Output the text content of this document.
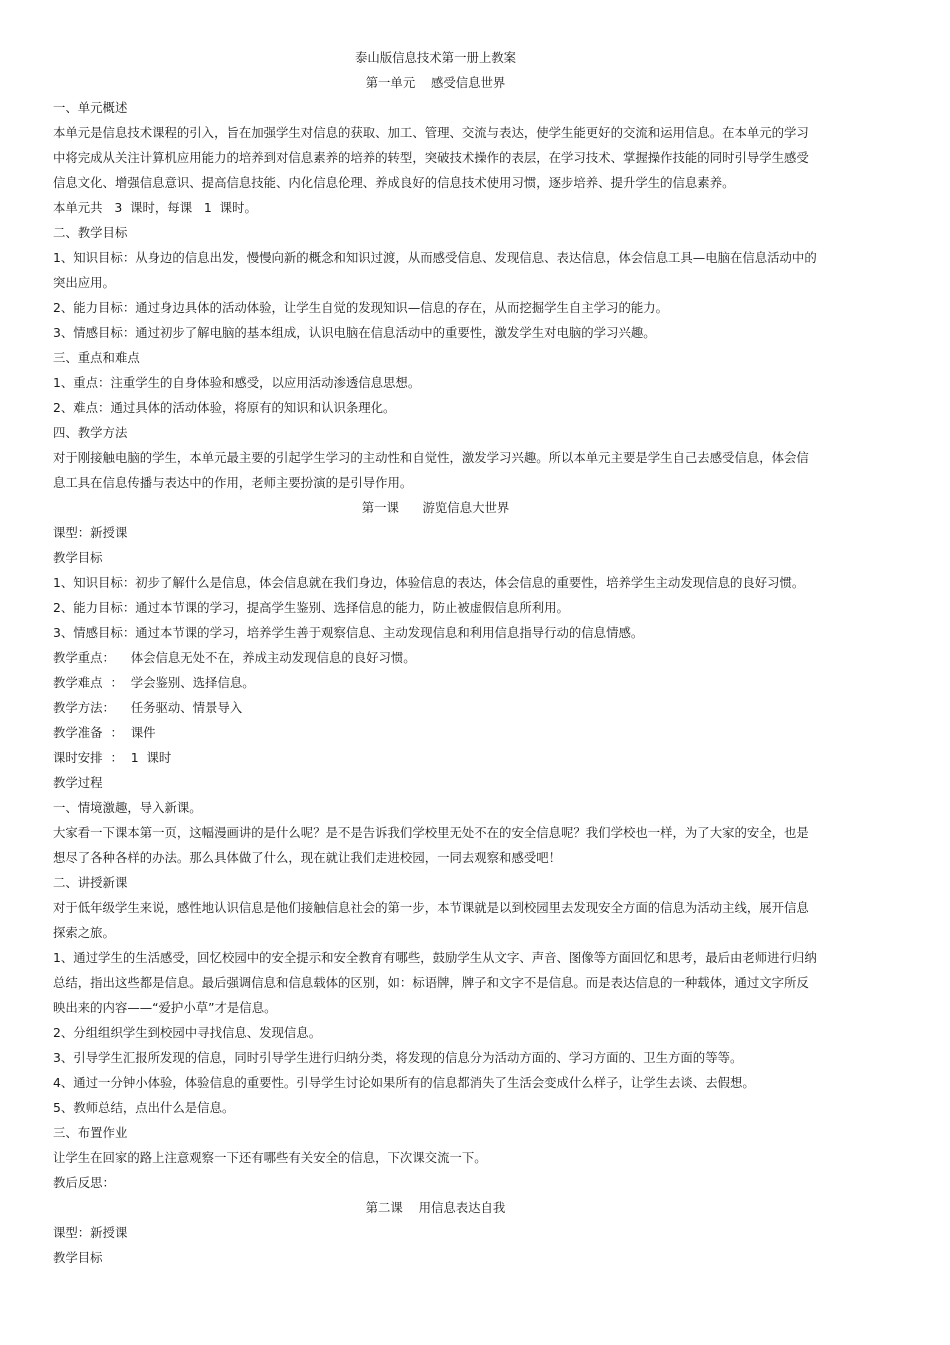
泰山版信息技术第一册上教案

第一单元    感受信息世界

一、单元概述

本单元是信息技术课程的引入，旨在加强学生对信息的获取、加工、管理、交流与表达，使学生能更好的交流和运用信息。在本单元的学习中将完成从关注计算机应用能力的培养到对信息素养的培养的转型，突破技术操作的表层，在学习技术、掌握操作技能的同时引导学生感受信息文化、增强信息意识、提高信息技能、内化信息伦理、养成良好的信息技术使用习惯，逐步培养、提升学生的信息素养。

本单元共   3  课时，每课   1  课时。

二、教学目标

1、知识目标：从身边的信息出发，慢慢向新的概念和知识过渡，从而感受信息、发现信息、表达信息，体会信息工具—电脑在信息活动中的突出应用。

2、能力目标：通过身边具体的活动体验，让学生自觉的发现知识—信息的存在，从而挖掘学生自主学习的能力。

3、情感目标：通过初步了解电脑的基本组成，认识电脑在信息活动中的重要性，激发学生对电脑的学习兴趣。

三、重点和难点

1、重点：注重学生的自身体验和感受，以应用活动渗透信息思想。

2、难点：通过具体的活动体验，将原有的知识和认识条理化。

四、教学方法

对于刚接触电脑的学生，本单元最主要的引起学生学习的主动性和自觉性，激发学习兴趣。所以本单元主要是学生自己去感受信息，体会信息工具在信息传播与表达中的作用，老师主要扮演的是引导作用。

第一课      游览信息大世界

课型：新授课

教学目标

1、知识目标：初步了解什么是信息，体会信息就在我们身边，体验信息的表达，体会信息的重要性，培养学生主动发现信息的良好习惯。

2、能力目标：通过本节课的学习，提高学生鉴别、选择信息的能力，防止被虚假信息所利用。

3、情感目标：通过本节课的学习，培养学生善于观察信息、主动发现信息和利用信息指导行动的信息情感。

教学重点：    体会信息无处不在，养成主动发现信息的良好习惯。

教学难点  ：  学会鉴别、选择信息。

教学方法：    任务驱动、情景导入

教学准备  ：  课件

课时安排  ：  1  课时

教学过程

一、情境激趣，导入新课。

大家看一下课本第一页，这幅漫画讲的是什么呢？是不是告诉我们学校里无处不在的安全信息呢？我们学校也一样，为了大家的安全，也是想尽了各种各样的办法。那么具体做了什么，现在就让我们走进校园，一同去观察和感受吧！

二、讲授新课

对于低年级学生来说，感性地认识信息是他们接触信息社会的第一步，本节课就是以到校园里去发现安全方面的信息为活动主线，展开信息探索之旅。

1、通过学生的生活感受，回忆校园中的安全提示和安全教育有哪些，鼓励学生从文字、声音、图像等方面回忆和思考，最后由老师进行归纳总结，指出这些都是信息。最后强调信息和信息载体的区别，如：标语牌，牌子和文字不是信息。而是表达信息的一种载体，通过文字所反映出来的内容——“爱护小草”才是信息。

2、分组组织学生到校园中寻找信息、发现信息。

3、引导学生汇报所发现的信息，同时引导学生进行归纳分类，将发现的信息分为活动方面的、学习方面的、卫生方面的等等。

4、通过一分钟小体验，体验信息的重要性。引导学生讨论如果所有的信息都消失了生活会变成什么样子，让学生去谈、去假想。

5、教师总结，点出什么是信息。

三、布置作业

让学生在回家的路上注意观察一下还有哪些有关安全的信息，下次课交流一下。

教后反思：

第二课    用信息表达自我

课型：新授课

教学目标
